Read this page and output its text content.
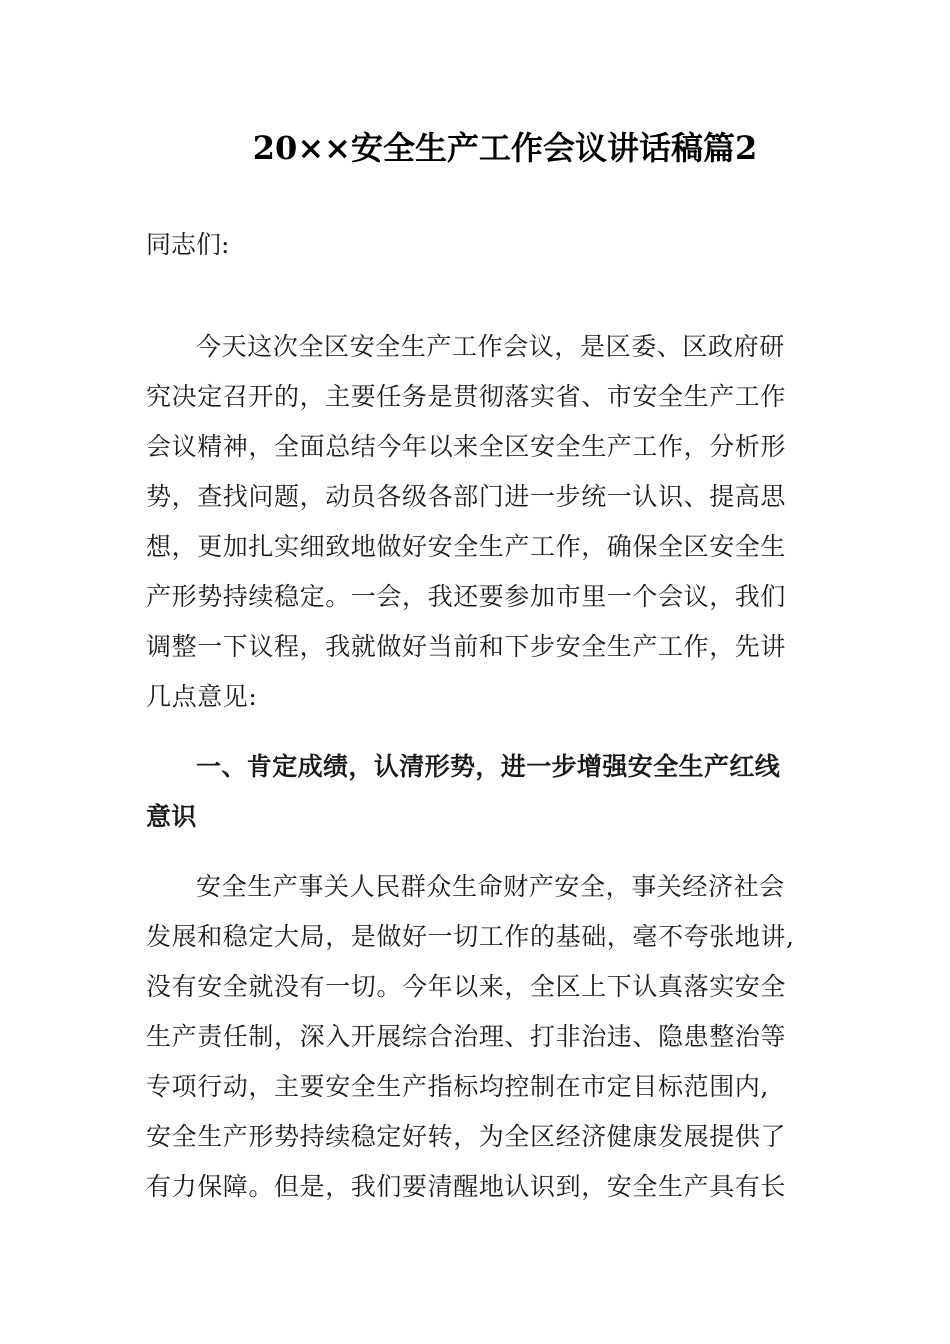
20××安全生产工作会议讲话稿篇2
同志们:
今天这次全区安全生产工作会议，是区委、区政府研
究决定召开的，主要任务是贯彻落实省、市安全生产工作
会议精神，全面总结今年以来全区安全生产工作，分析形
势，查找问题，动员各级各部门进一步统一认识、提高思
想，更加扎实细致地做好安全生产工作，确保全区安全生
产形势持续稳定。一会，我还要参加市里一个会议，我们
调整一下议程，我就做好当前和下步安全生产工作，先讲
几点意见:
一、肯定成绩，认清形势，进一步增强安全生产红线
意识
安全生产事关人民群众生命财产安全，事关经济社会
发展和稳定大局，是做好一切工作的基础，毫不夸张地讲,
没有安全就没有一切。今年以来，全区上下认真落实安全
生产责任制，深入开展综合治理、打非治违、隐患整治等
专项行动，主要安全生产指标均控制在市定目标范围内,
安全生产形势持续稳定好转，为全区经济健康发展提供了
有力保障。但是，我们要清醒地认识到，安全生产具有长
